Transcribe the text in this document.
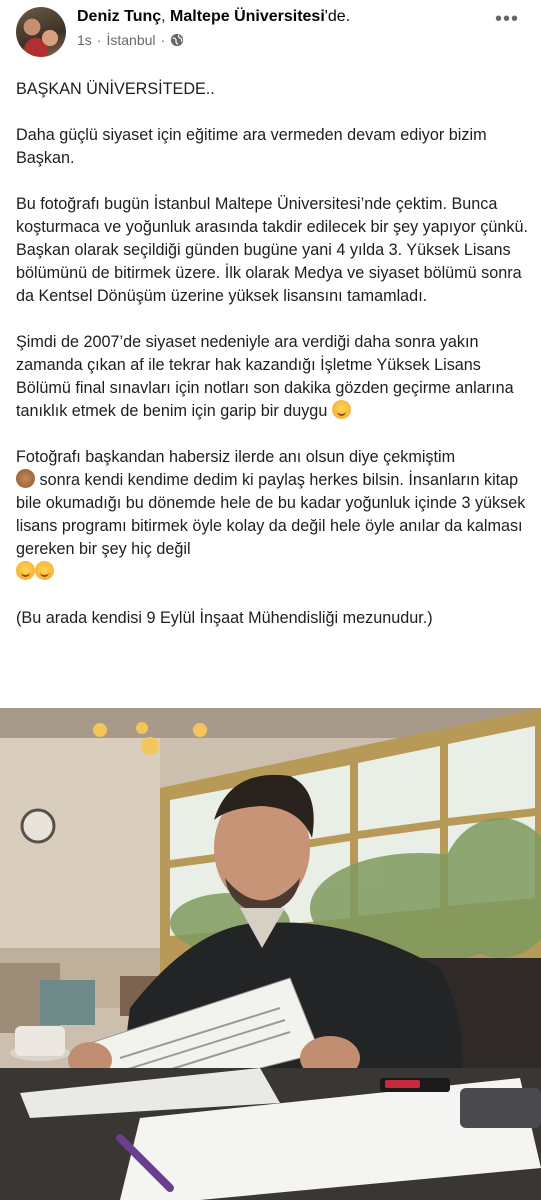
Deniz Tunç, Maltepe Üniversitesi'de.
1s · İstanbul ·
•••

BAŞKAN ÜNİVERSİTEDE..

Daha güçlü siyaset için eğitime ara vermeden devam ediyor bizim Başkan.

Bu fotoğrafı bugün İstanbul Maltepe Üniversitesi’nde çektim. Bunca koşturmaca ve yoğunluk arasında takdir edilecek bir şey yapıyor çünkü. Başkan olarak seçildiği günden bugüne yani 4 yılda 3. Yüksek Lisans bölümünü de bitirmek üzere. İlk olarak Medya ve siyaset bölümü sonra da Kentsel Dönüşüm üzerine yüksek lisansını tamamladı.

Şimdi de 2007’de siyaset nedeniyle ara verdiği daha sonra yakın zamanda çıkan af ile tekrar hak kazandığı İşletme Yüksek Lisans Bölümü final sınavları için notları son dakika gözden geçirme anlarına tanıklık etmek de benim için garip bir duygu

Fotoğrafı başkandan habersiz ilerde anı olsun diye çekmiştim
sonra kendi kendime dedim ki paylaş herkes bilsin. İnsanların kitap bile okumadığı bu dönemde hele de bu kadar yoğunluk içinde 3 yüksek lisans programı bitirmek öyle kolay da değil hele öyle anılar da kalması gereken bir şey hiç değil

(Bu arada kendisi 9 Eylül İnşaat Mühendisliği mezunudur.)
